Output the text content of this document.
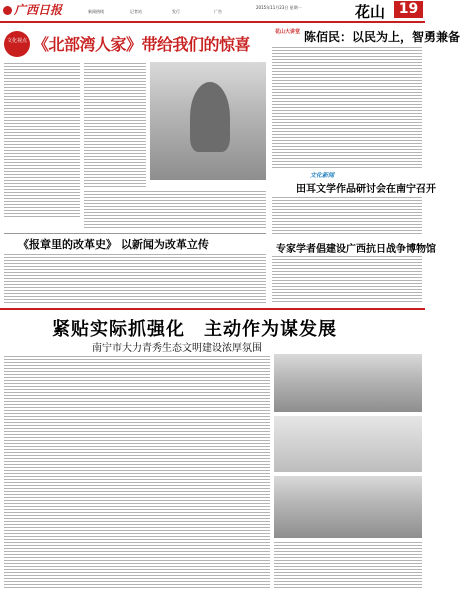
广西日报	新闻热线	记者站	发行	广告
2015年11月23日 星期一	花山 19
文化视点 《北部湾人家》带给我们的惊喜
《报章里的改革史》 以新闻为改革立传
花山大讲堂 陈佰民：以民为上，智勇兼备
文化新闻
田耳文学作品研讨会在南宁召开
专家学者倡建设广西抗日战争博物馆
紧贴实际抓强化　主动作为谋发展
南宁市大力青秀生态文明建设浓厚氛围
